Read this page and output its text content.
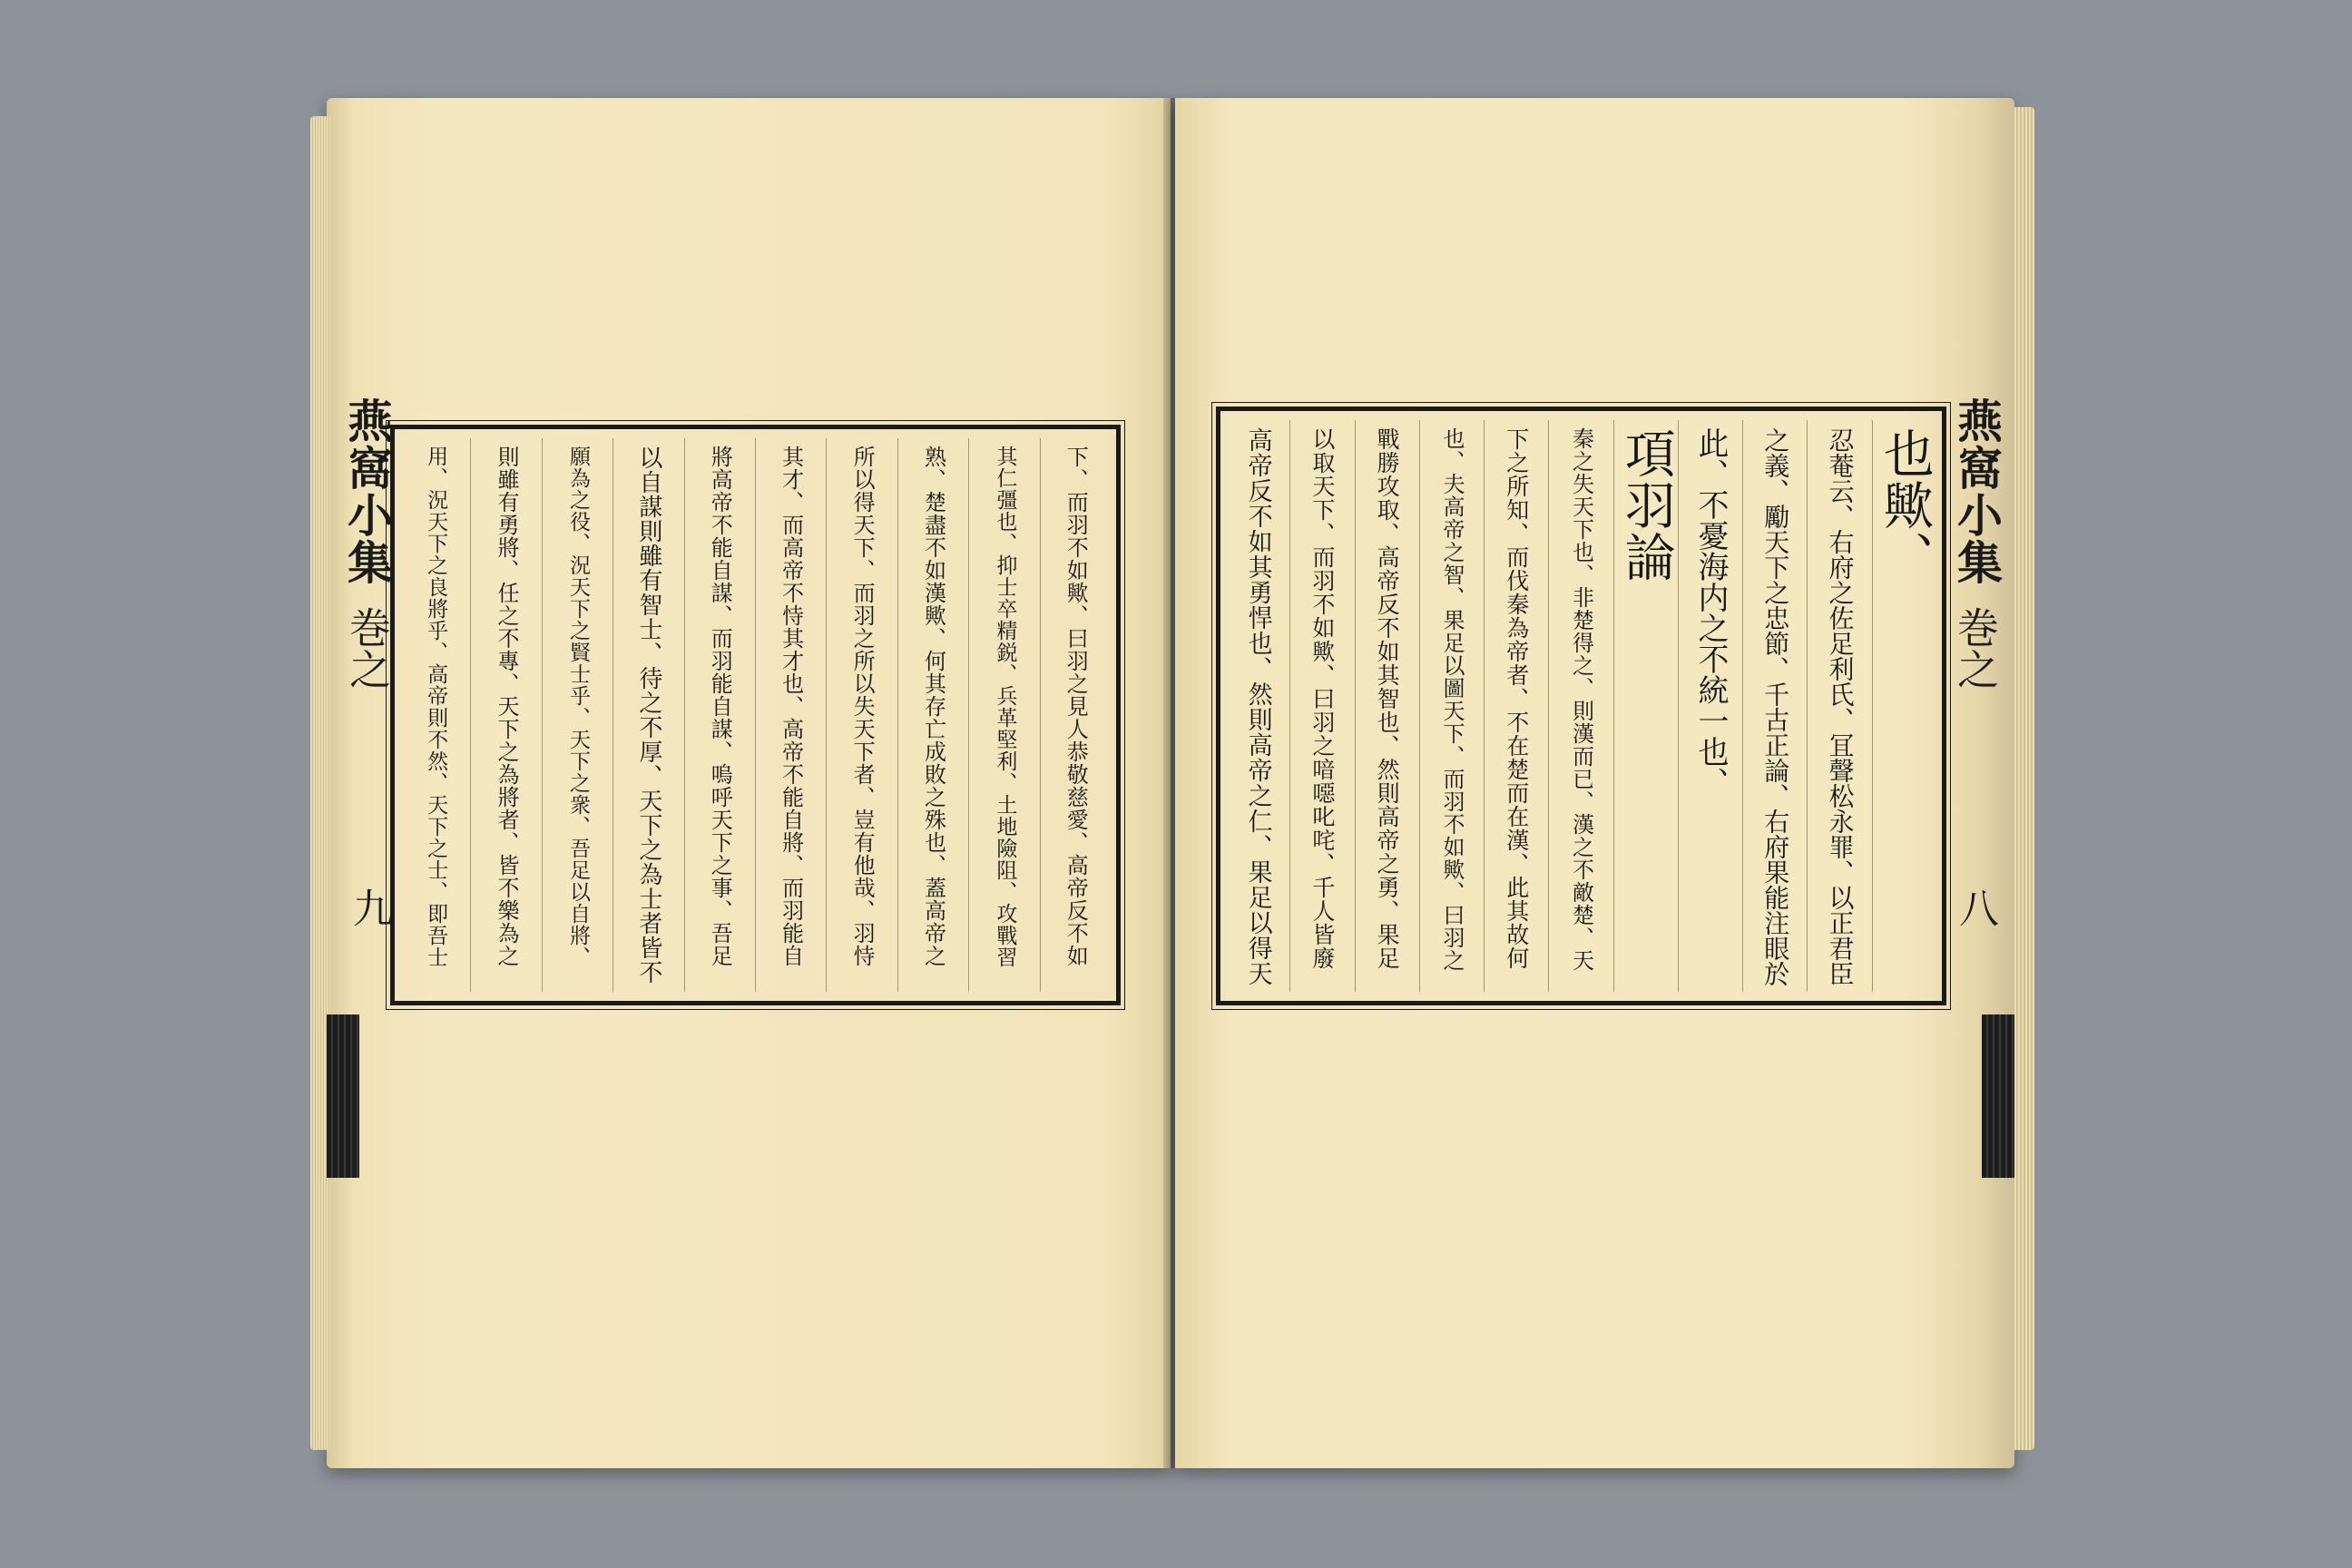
下、而羽不如歟、曰羽之見人恭敬慈愛、高帝反不如
其仁彊也、抑士卒精鋭、兵革堅利、土地險阻、攻戰習
熟、楚盡不如漢歟、何其存亡成敗之殊也、蓋高帝之
所以得天下、而羽之所以失天下者、豈有他哉、羽恃
其才、而高帝不恃其才也、高帝不能自將、而羽能自
將高帝不能自謀、而羽能自謀、嗚呼天下之事、吾足
以自謀則雖有智士、待之不厚、天下之為士者皆不
願為之役、況天下之賢士乎、天下之衆、吾足以自將、
則雖有勇將、任之不專、天下之為將者、皆不樂為之
用、況天下之良將乎、高帝則不然、天下之士、即吾士
燕窩小集
巻之
九
也歟、
忍菴云、右府之佐足利氏、冝聲松永罪、以正君臣
之義、勵天下之忠節、千古正論、右府果能注眼於
此、不憂海内之不統一也、
項羽論
秦之失天下也、非楚得之、則漢而已、漢之不敵楚、天
下之所知、而伐秦為帝者、不在楚而在漢、此其故何
也、夫高帝之智、果足以圖天下、而羽不如歟、曰羽之
戰勝攻取、高帝反不如其智也、然則高帝之勇、果足
以取天下、而羽不如歟、曰羽之喑噁叱咤、千人皆廢
高帝反不如其勇悍也、然則高帝之仁、果足以得天	燕窩小集
巻之
八
